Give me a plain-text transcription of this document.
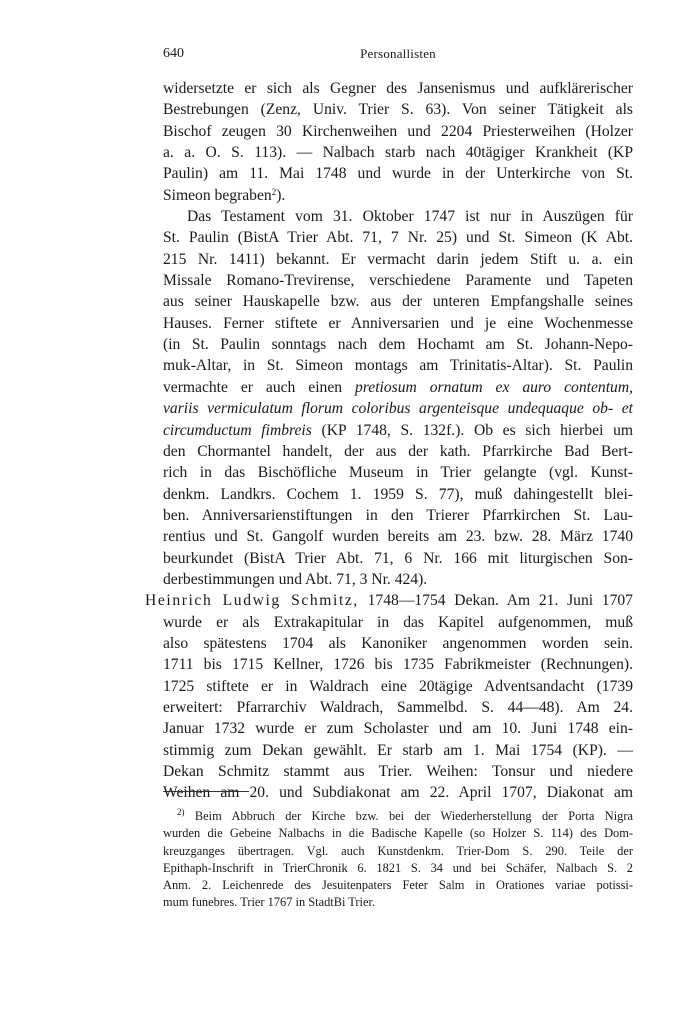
640	Personallisten
widersetzte er sich als Gegner des Jansenismus und aufklärerischer
Bestrebungen (Zenz, Univ. Trier S. 63). Von seiner Tätigkeit als
Bischof zeugen 30 Kirchenweihen und 2204 Priesterweihen (Holzer
a. a. O. S. 113). — Nalbach starb nach 40tägiger Krankheit (KP
Paulin) am 11. Mai 1748 und wurde in der Unterkirche von St.
Simeon begraben$^2$).
Das Testament vom 31. Oktober 1747 ist nur in Auszügen für
St. Paulin (BistA Trier Abt. 71, 7 Nr. 25) und St. Simeon (K Abt.
215 Nr. 1411) bekannt. Er vermacht darin jedem Stift u. a. ein
Missale Romano-Trevirense, verschiedene Paramente und Tapeten
aus seiner Hauskapelle bzw. aus der unteren Empfangshalle seines
Hauses. Ferner stiftete er Anniversarien und je eine Wochenmesse
(in St. Paulin sonntags nach dem Hochamt am St. Johann-Nepo-
muk-Altar, in St. Simeon montags am Trinitatis-Altar). St. Paulin
vermachte er auch einen pretiosum ornatum ex auro contentum,
variis vermiculatum florum coloribus argenteisque undequaque ob- et
circumductum fimbreis (KP 1748, S. 132f.). Ob es sich hierbei um
den Chormantel handelt, der aus der kath. Pfarrkirche Bad Bert-
rich in das Bischöfliche Museum in Trier gelangte (vgl. Kunst-
denkm. Landkrs. Cochem 1. 1959 S. 77), muß dahingestellt blei-
ben. Anniversarienstiftungen in den Trierer Pfarrkirchen St. Lau-
rentius und St. Gangolf wurden bereits am 23. bzw. 28. März 1740
beurkundet (BistA Trier Abt. 71, 6 Nr. 166 mit liturgischen Son-
derbestimmungen und Abt. 71, 3 Nr. 424).
Heinrich Ludwig Schmitz, 1748—1754 Dekan. Am 21. Juni 1707
wurde er als Extrakapitular in das Kapitel aufgenommen, muß
also spätestens 1704 als Kanoniker angenommen worden sein.
1711 bis 1715 Kellner, 1726 bis 1735 Fabrikmeister (Rechnungen).
1725 stiftete er in Waldrach eine 20tägige Adventsandacht (1739
erweitert: Pfarrarchiv Waldrach, Sammelbd. S. 44—48). Am 24.
Januar 1732 wurde er zum Scholaster und am 10. Juni 1748 ein-
stimmig zum Dekan gewählt. Er starb am 1. Mai 1754 (KP). —
Dekan Schmitz stammt aus Trier. Weihen: Tonsur und niedere
Weihen am 20. und Subdiakonat am 22. April 1707, Diakonat am
$^{2)}$ Beim Abbruch der Kirche bzw. bei der Wiederherstellung der Porta Nigra
wurden die Gebeine Nalbachs in die Badische Kapelle (so Holzer S. 114) des Dom-
kreuzganges übertragen. Vgl. auch Kunstdenkm. Trier-Dom S. 290. Teile der
Epithaph-Inschrift in TrierChronik 6. 1821 S. 34 und bei Schäfer, Nalbach S. 2
Anm. 2. Leichenrede des Jesuitenpaters Feter Salm in Orationes variae potissi-
mum funebres. Trier 1767 in StadtBi Trier.
